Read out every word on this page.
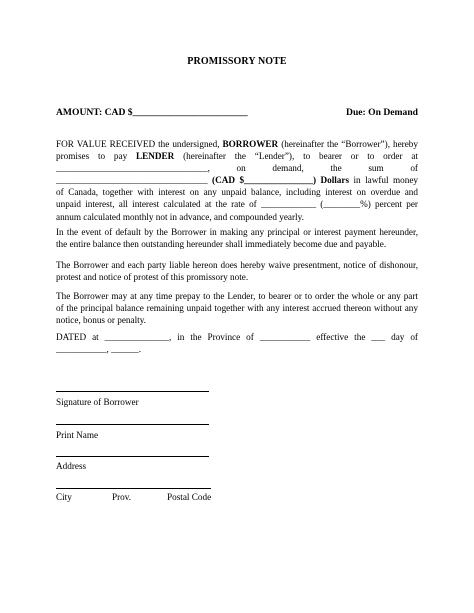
PROMISSORY NOTE
AMOUNT: CAD $________________________	Due: On Demand
FOR VALUE RECEIVED the undersigned, BORROWER (hereinafter the “Borrower”), hereby
promises to pay LENDER (hereinafter the “Lender”), to bearer or to order at
_________________________________, on demand, the sum of
_________________________________ (CAD $_______________) Dollars in lawful money
of Canada, together with interest on any unpaid balance, including interest on overdue and
unpaid interest, all interest calculated at the rate of ____________ (________%) percent per
annum calculated monthly not in advance, and compounded yearly.
In the event of default by the Borrower in making any principal or interest payment hereunder,
the entire balance then outstanding hereunder shall immediately become due and payable.
The Borrower and each party liable hereon does hereby waive presentment, notice of dishonour,
protest and notice of protest of this promissory note.
The Borrower may at any time prepay to the Lender, to bearer or to order the whole or any part
of the principal balance remaining unpaid together with any interest accrued thereon without any
notice, bonus or penalty.
DATED at ______________, in the Province of ___________ effective the ___ day of
___________, ______.
Signature of Borrower
Print Name
Address
City	Prov.	Postal Code
